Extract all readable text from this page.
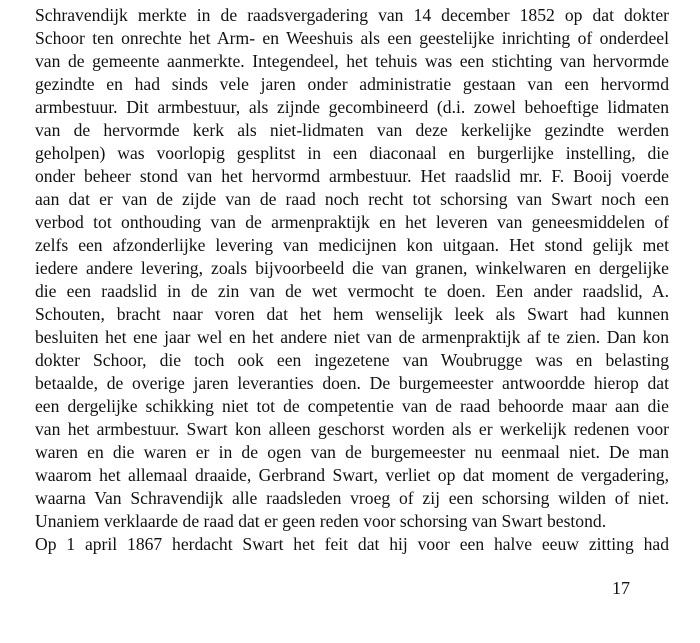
Schravendijk merkte in de raadsvergadering van 14 december 1852 op dat dokter
Schoor ten onrechte het Arm- en Weeshuis als een geestelijke inrichting of onderdeel
van de gemeente aanmerkte. Integendeel, het tehuis was een stichting van hervormde
gezindte en had sinds vele jaren onder administratie gestaan van een hervormd
armbestuur. Dit armbestuur, als zijnde gecombineerd (d.i. zowel behoeftige lidmaten
van de hervormde kerk als niet-lidmaten van deze kerkelijke gezindte werden
geholpen) was voorlopig gesplitst in een diaconaal en burgerlijke instelling, die
onder beheer stond van het hervormd armbestuur. Het raadslid mr. F. Booij voerde
aan dat er van de zijde van de raad noch recht tot schorsing van Swart noch een
verbod tot onthouding van de armenpraktijk en het leveren van geneesmiddelen of
zelfs een afzonderlijke levering van medicijnen kon uitgaan. Het stond gelijk met
iedere andere levering, zoals bijvoorbeeld die van granen, winkelwaren en dergelijke
die een raadslid in de zin van de wet vermocht te doen. Een ander raadslid, A.
Schouten, bracht naar voren dat het hem wenselijk leek als Swart had kunnen
besluiten het ene jaar wel en het andere niet van de armenpraktijk af te zien. Dan kon
dokter Schoor, die toch ook een ingezetene van Woubrugge was en belasting
betaalde, de overige jaren leveranties doen. De burgemeester antwoordde hierop dat
een dergelijke schikking niet tot de competentie van de raad behoorde maar aan die
van het armbestuur. Swart kon alleen geschorst worden als er werkelijk redenen voor
waren en die waren er in de ogen van de burgemeester nu eenmaal niet. De man
waarom het allemaal draaide, Gerbrand Swart, verliet op dat moment de vergadering,
waarna Van Schravendijk alle raadsleden vroeg of zij een schorsing wilden of niet.
Unaniem verklaarde de raad dat er geen reden voor schorsing van Swart bestond.
Op 1 april 1867 herdacht Swart het feit dat hij voor een halve eeuw zitting had
17
